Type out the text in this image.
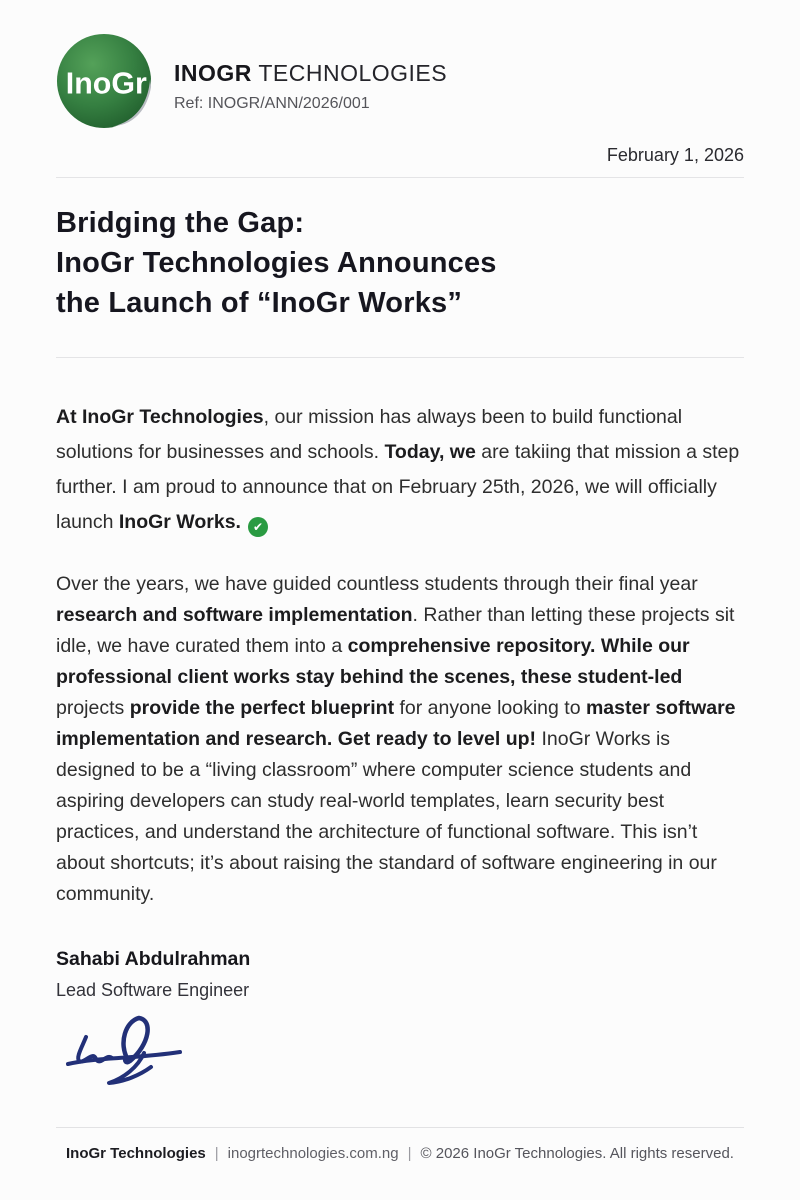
InoGr INOGR TECHNOLOGIES
Ref: INOGR/ANN/2026/001
February 1, 2026
Bridging the Gap:
InoGr Technologies Announces
the Launch of “InoGr Works”

At InoGr Technologies, our mission has always been to build functional solutions for businesses and schools. Today, we are takiing that mission a step further. I am proud to announce that on February 25th, 2026, we will officially launch InoGr Works. ✔

Over the years, we have guided countless students through their final year research and software implementation. Rather than letting these projects sit idle, we have curated them into a comprehensive repository. While our professional client works stay behind the scenes, these student-led projects provide the perfect blueprint for anyone looking to master software implementation and research. Get ready to level up! InoGr Works is designed to be a “living classroom” where computer science students and aspiring developers can study real-world templates, learn security best practices, and understand the architecture of functional software. This isn’t about shortcuts; it’s about raising the standard of software engineering in our community.

Sahabi Abdulrahman
Lead Software Engineer
InoGr Technologies | inogrtechnologies.com.ng | © 2026 InoGr Technologies. All rights reserved.
